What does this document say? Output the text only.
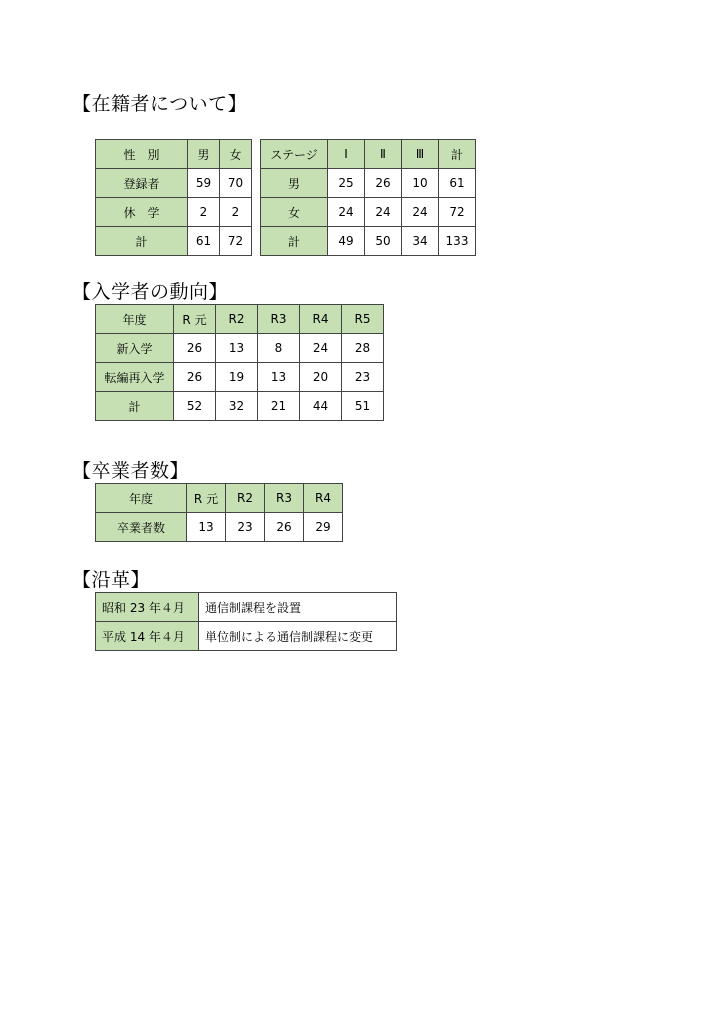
【在籍者について】
性　別	男	女
登録者	59	70
休　学	2	2
計	61	72
ステージ	Ⅰ	Ⅱ	Ⅲ	計
男	25	26	10	61
女	24	24	24	72
計	49	50	34	133
【入学者の動向】
年度	R 元	R2	R3	R4	R5
新入学	26	13	8	24	28
転編再入学	26	19	13	20	23
計	52	32	21	44	51
【卒業者数】
年度	R 元	R2	R3	R4
卒業者数	13	23	26	29
【沿革】
昭和 23 年４月	通信制課程を設置
平成 14 年４月	単位制による通信制課程に変更
